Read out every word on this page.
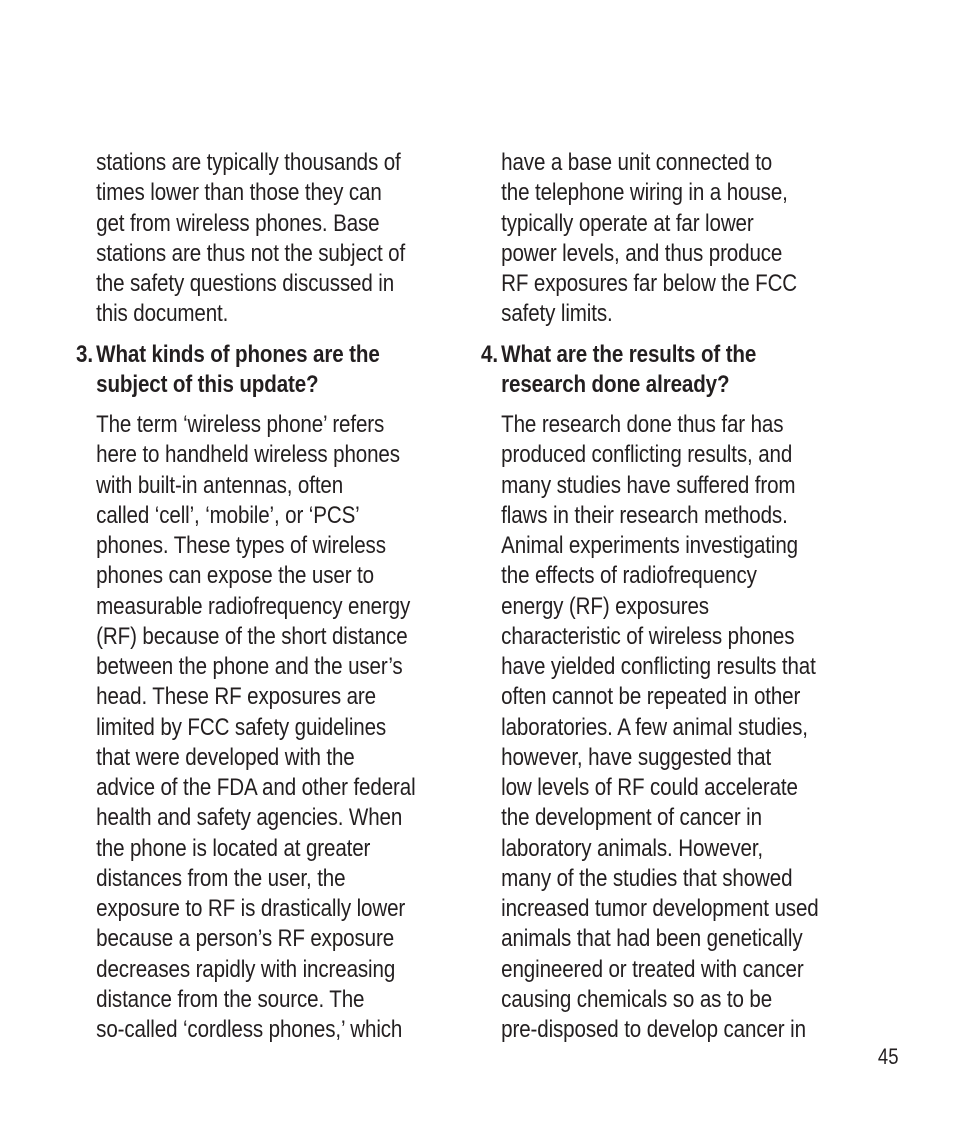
stations are typically thousands of
times lower than those they can
get from wireless phones. Base
stations are thus not the subject of
the safety questions discussed in
this document.
3. What kinds of phones are the
subject of this update?
The term ‘wireless phone’ refers
here to handheld wireless phones
with built-in antennas, often
called ‘cell’, ‘mobile’, or ‘PCS’
phones. These types of wireless
phones can expose the user to
measurable radiofrequency energy
(RF) because of the short distance
between the phone and the user’s
head. These RF exposures are
limited by FCC safety guidelines
that were developed with the
advice of the FDA and other federal
health and safety agencies. When
the phone is located at greater
distances from the user, the
exposure to RF is drastically lower
because a person’s RF exposure
decreases rapidly with increasing
distance from the source. The
so-called ‘cordless phones,’ which
have a base unit connected to
the telephone wiring in a house,
typically operate at far lower
power levels, and thus produce
RF exposures far below the FCC
safety limits.
4. What are the results of the
research done already?
The research done thus far has
produced conflicting results, and
many studies have suffered from
flaws in their research methods.
Animal experiments investigating
the effects of radiofrequency
energy (RF) exposures
characteristic of wireless phones
have yielded conflicting results that
often cannot be repeated in other
laboratories. A few animal studies,
however, have suggested that
low levels of RF could accelerate
the development of cancer in
laboratory animals. However,
many of the studies that showed
increased tumor development used
animals that had been genetically
engineered or treated with cancer
causing chemicals so as to be
pre-disposed to develop cancer in
45
